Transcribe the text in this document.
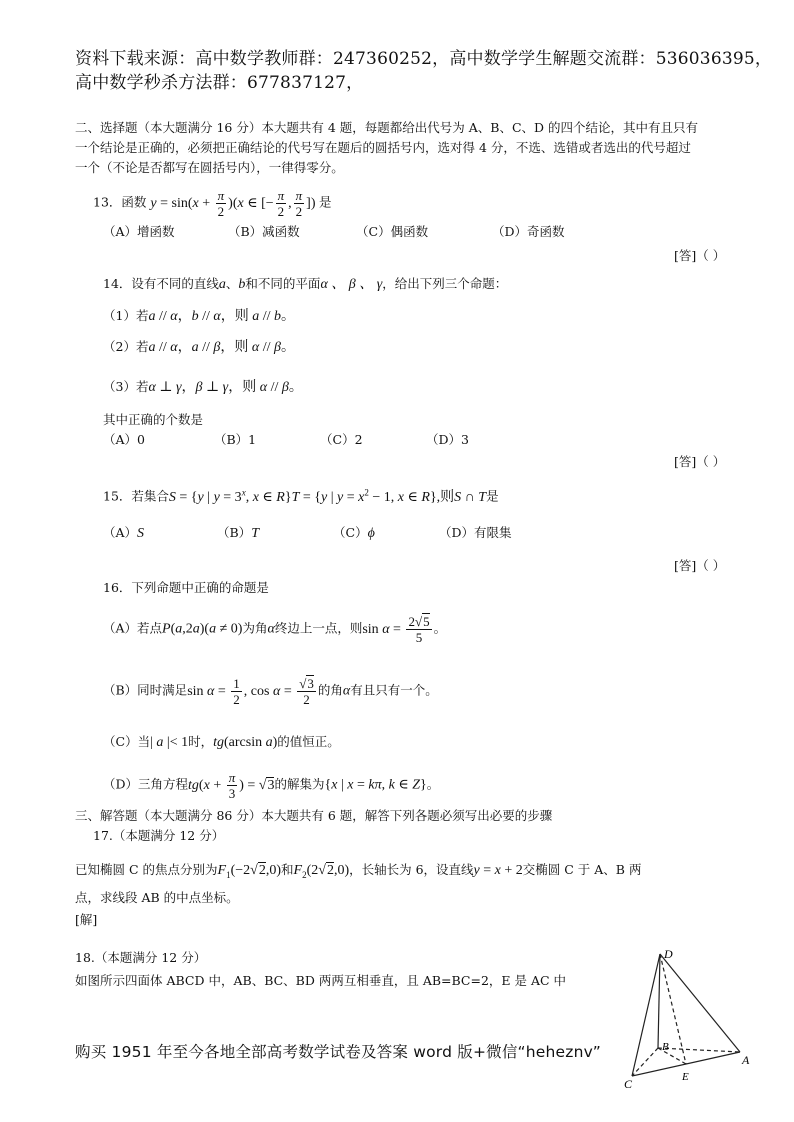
资料下载来源：高中数学教师群：247360252，高中数学学生解题交流群：536036395，
高中数学秒杀方法群：677837127，
二、选择题（本大题满分 16 分）本大题共有 4 题，每题都给出代号为 A、B、C、D 的四个结论，其中有且只有
一个结论是正确的，必须把正确结论的代号写在题后的圆括号内，选对得 4 分，不选、选错或者选出的代号超过
一个（不论是否都写在圆括号内），一律得零分。
13．函数 $y = \sin(x + \frac{\pi}{2} )(x$ ∈ [− $\frac{\pi}{2}$ , $\frac{\pi}{2}$ ]) 是
（A）增函数	（B）减函数	（C）偶函数	（D）奇函数
[答]（ ）
14．设有不同的直线a、b和不同的平面α 、 β 、 γ，给出下列三个命题：
（1）若a // α，b // α，则 a // b。
（2）若a // α，a // β，则 α // β。
（3）若α ⊥ γ，β ⊥ γ，则 α // β。
其中正确的个数是
（A）0	（B）1	（C）2	（D）3
[答]（ ）
15．若集合S = {y | $y = 3^x$, x ∈ R}T = {y | $y = x^2 - 1$, x ∈ R},则S ∩ T是
（A）S	（B）T	（C）ϕ	（D）有限集
[答]（ ）
16．下列命题中正确的命题是
（A）若点P(a,2a)(a ≠ 0)为角α终边上一点，则$\sin \alpha = \frac{2√5}{5}$ 。
（B）同时满足$\sin \alpha = \frac{1}{2}$ , $\cos \alpha = \frac{√3}{2}$ 的角α有且只有一个。
（C）当| a |< 1时，tg(arcsin a)的值恒正。
（D）三角方程$tg(x + \frac{\pi}{3}$ ) = √3的解集为{x | x = kπ, k ∈ Z}。
三、解答题（本大题满分 86 分）本大题共有 6 题，解答下列各题必须写出必要的步骤
17.（本题满分 12 分）
已知椭圆 C 的焦点分别为$F_1(-2√2,0)$和$F_2(2√2,0)$，长轴长为 6，设直线y = x + 2交椭圆 C 于 A、B 两
点，求线段 AB 的中点坐标。
[解]
18.（本题满分 12 分）
如图所示四面体 ABCD 中，AB、BC、BD 两两互相垂直，且 AB=BC=2，E 是 AC 中
购买 1951 年至今各地全部高考数学试卷及答案 word 版+微信“heheznv”
D
B
A
C	E
